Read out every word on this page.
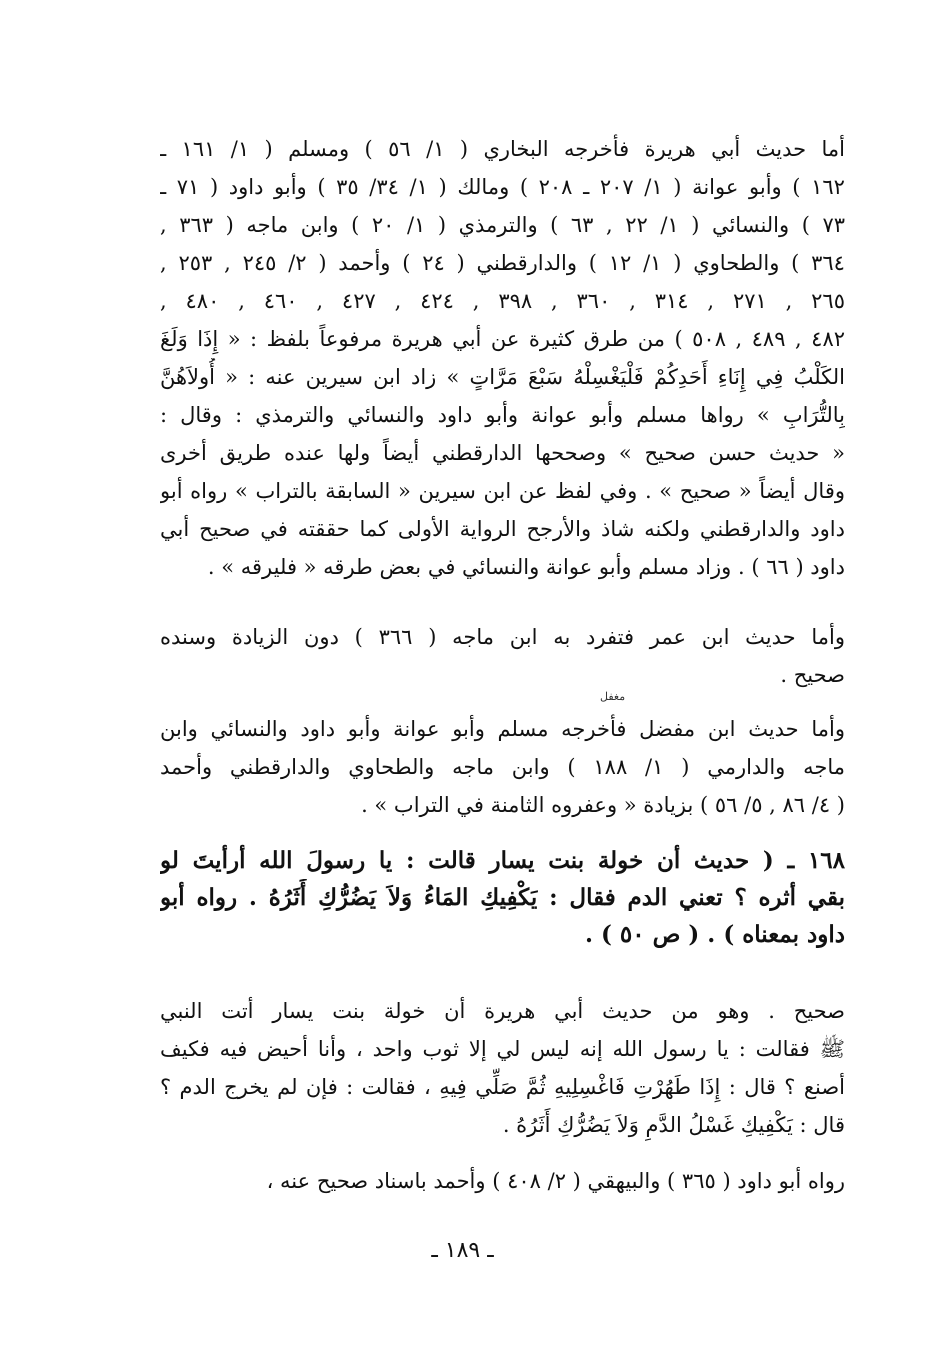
أما حديث أبي هريرة فأخرجه البخاري ( ١/ ٥٦ ) ومسلم ( ١/ ١٦١ ـ
١٦٢ ) وأبو عوانة ( ١/ ٢٠٧ ـ ٢٠٨ ) ومالك ( ١/ ٣٤/ ٣٥ ) وأبو داود ( ٧١ ـ
٧٣ ) والنسائي ( ١/ ٢٢ , ٦٣ ) والترمذي ( ١/ ٢٠ ) وابن ماجه ( ٣٦٣ ,
٣٦٤ ) والطحاوي ( ١/ ١٢ ) والدارقطني ( ٢٤ ) وأحمد ( ٢/ ٢٤٥ , ٢٥٣ ,
٢٦٥ , ٢٧١ , ٣١٤ , ٣٦٠ , ٣٩٨ , ٤٢٤ , ٤٢٧ , ٤٦٠ , ٤٨٠ ,
٤٨٢ , ٤٨٩ , ٥٠٨ ) من طرق كثيرة عن أبي هريرة مرفوعاً بلفظ : « إِذَا وَلَغَ
الكَلْبُ فِي إِنَاءِ أَحَدِكُمْ فَلْيَغْسِلْهُ سَبْعَ مَرَّاتٍ » زاد ابن سيرين عنه : « أُولاَهُنَّ
بِالتُّرَابِ » رواها مسلم وأبو عوانة وأبو داود والنسائي والترمذي : وقال :
« حديث حسن صحيح » وصححها الدارقطني أيضاً ولها عنده طريق أخرى
وقال أيضاً « صحيح » . وفي لفظ عن ابن سيرين « السابقة بالتراب » رواه أبو
داود والدارقطني ولكنه شاذ والأرجح الرواية الأولى كما حققته في صحيح أبي
داود ( ٦٦ ) . وزاد مسلم وأبو عوانة والنسائي في بعض طرقه « فليرقه » .
وأما حديث ابن عمر فتفرد به ابن ماجه ( ٣٦٦ ) دون الزيادة وسنده
صحيح .
مغفل
وأما حديث ابن مفضل فأخرجه مسلم وأبو عوانة وأبو داود والنسائي وابن
ماجه والدارمي ( ١/ ١٨٨ ) وابن ماجه والطحاوي والدارقطني وأحمد
( ٤/ ٨٦ , ٥/ ٥٦ ) بزيادة « وعفروه الثامنة في التراب » .
١٦٨ ـ ( حديث أن خولة بنت يسار قالت : يا رسولَ الله أرأيتَ لو
بقي أثره ؟ تعني الدم فقال : يَكْفِيكِ المَاءُ وَلاَ يَضُرُّكِ أَثَرُهُ . رواه أبو
داود بمعناه ) . ( ص ٥٠ ) .
صحيح . وهو من حديث أبي هريرة أن خولة بنت يسار أتت النبي
ﷺ فقالت : يا رسول الله إنه ليس لي إلا ثوب واحد ، وأنا أحيض فيه فكيف
أصنع ؟ قال : إِذَا طَهُرْتِ فَاغْسِلِيهِ ثُمَّ صَلِّي فِيهِ ، فقالت : فإن لم يخرج الدم ؟
قال : يَكْفِيكِ غَسْلُ الدَّمِ وَلاَ يَضُرُّكِ أَثَرُهُ .
رواه أبو داود ( ٣٦٥ ) والبيهقي ( ٢/ ٤٠٨ ) وأحمد باسناد صحيح عنه ،
ـ ١٨٩ ـ
